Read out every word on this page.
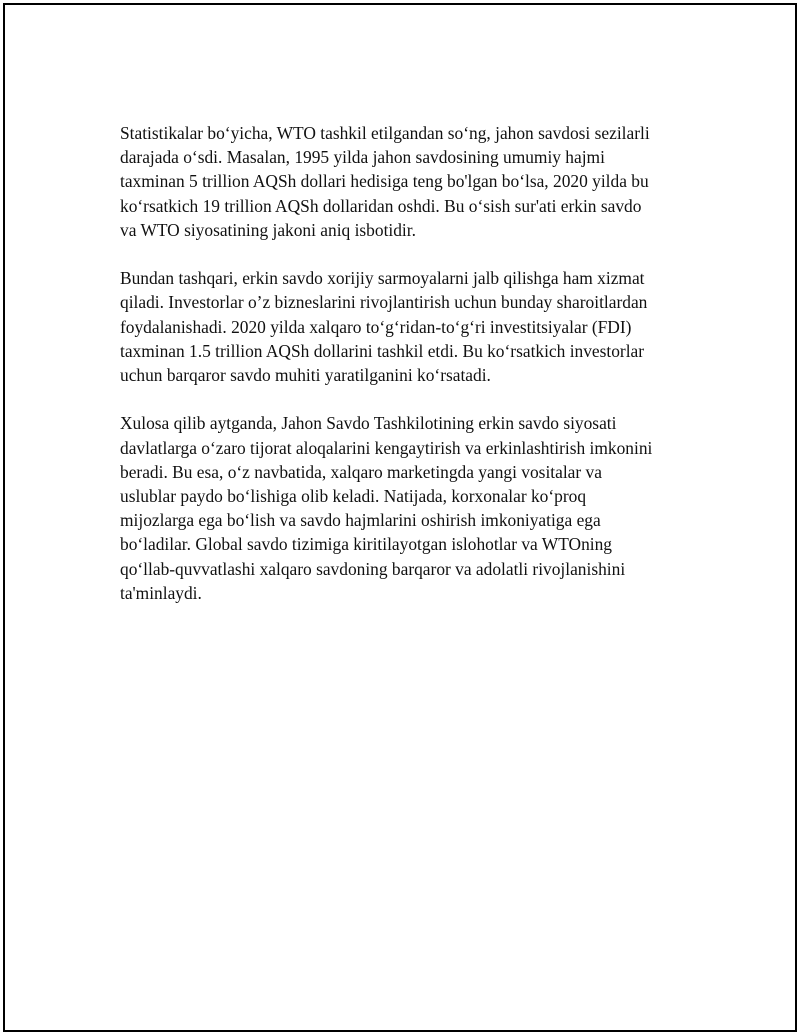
Statistikalar boʻyicha, WTO tashkil etilgandan soʻng, jahon savdosi sezilarli
darajada oʻsdi. Masalan, 1995 yilda jahon savdosining umumiy hajmi
taxminan 5 trillion AQSh dollari hedisiga teng bo'lgan boʻlsa, 2020 yilda bu
koʻrsatkich 19 trillion AQSh dollaridan oshdi. Bu oʻsish sur'ati erkin savdo
va WTO siyosatining jakoni aniq isbotidir.

Bundan tashqari, erkin savdo xorijiy sarmoyalarni jalb qilishga ham xizmat
qiladi. Investorlar oʼz bizneslarini rivojlantirish uchun bunday sharoitlardan
foydalanishadi. 2020 yilda xalqaro toʻgʻridan-toʻgʻri investitsiyalar (FDI)
taxminan 1.5 trillion AQSh dollarini tashkil etdi. Bu koʻrsatkich investorlar
uchun barqaror savdo muhiti yaratilganini koʻrsatadi.

Xulosa qilib aytganda, Jahon Savdo Tashkilotining erkin savdo siyosati
davlatlarga oʻzaro tijorat aloqalarini kengaytirish va erkinlashtirish imkonini
beradi. Bu esa, oʻz navbatida, xalqaro marketingda yangi vositalar va
uslublar paydo boʻlishiga olib keladi. Natijada, korxonalar koʻproq
mijozlarga ega boʻlish va savdo hajmlarini oshirish imkoniyatiga ega
boʻladilar. Global savdo tizimiga kiritilayotgan islohotlar va WTOning
qoʻllab-quvvatlashi xalqaro savdoning barqaror va adolatli rivojlanishini
ta'minlaydi.
